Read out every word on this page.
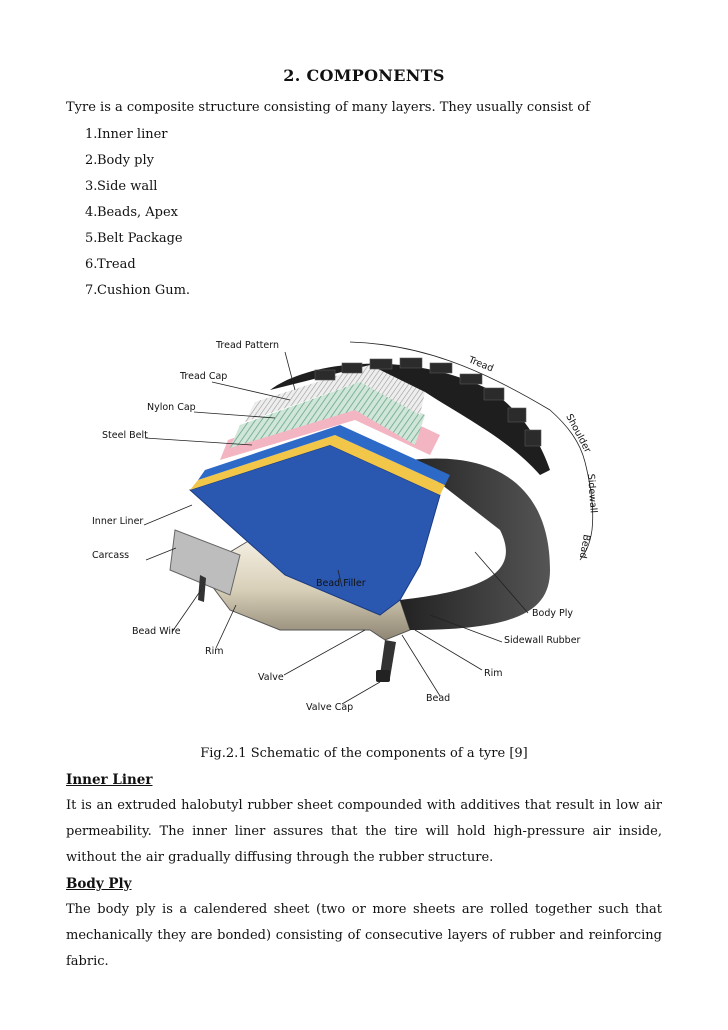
2. COMPONENTS
Tyre is a composite structure consisting of many layers. They usually consist of
1. Inner liner
2. Body ply
3. Side wall
4. Beads, Apex
5. Belt Package
6. Tread
7. Cushion Gum.
Tread Pattern
Tread Cap
Nylon Cap
Steel Belt
Inner Liner
Carcass
Bead Wire
Rim
Valve
Valve Cap
Bead
Rim
Sidewall Rubber
Body Ply
Bead Filler
Tread
Shoulder
Sidewall
Bead
Fig.2.1 Schematic of the components of a tyre [9]
Inner Liner
It is an extruded halobutyl rubber sheet compounded with additives that result in low air permeability. The inner liner assures that the tire will hold high-pressure air inside, without the air gradually diffusing through the rubber structure.
Body Ply
The body ply is a calendered sheet (two or more sheets are rolled together such that mechanically they are bonded) consisting of consecutive layers of rubber and reinforcing fabric.
